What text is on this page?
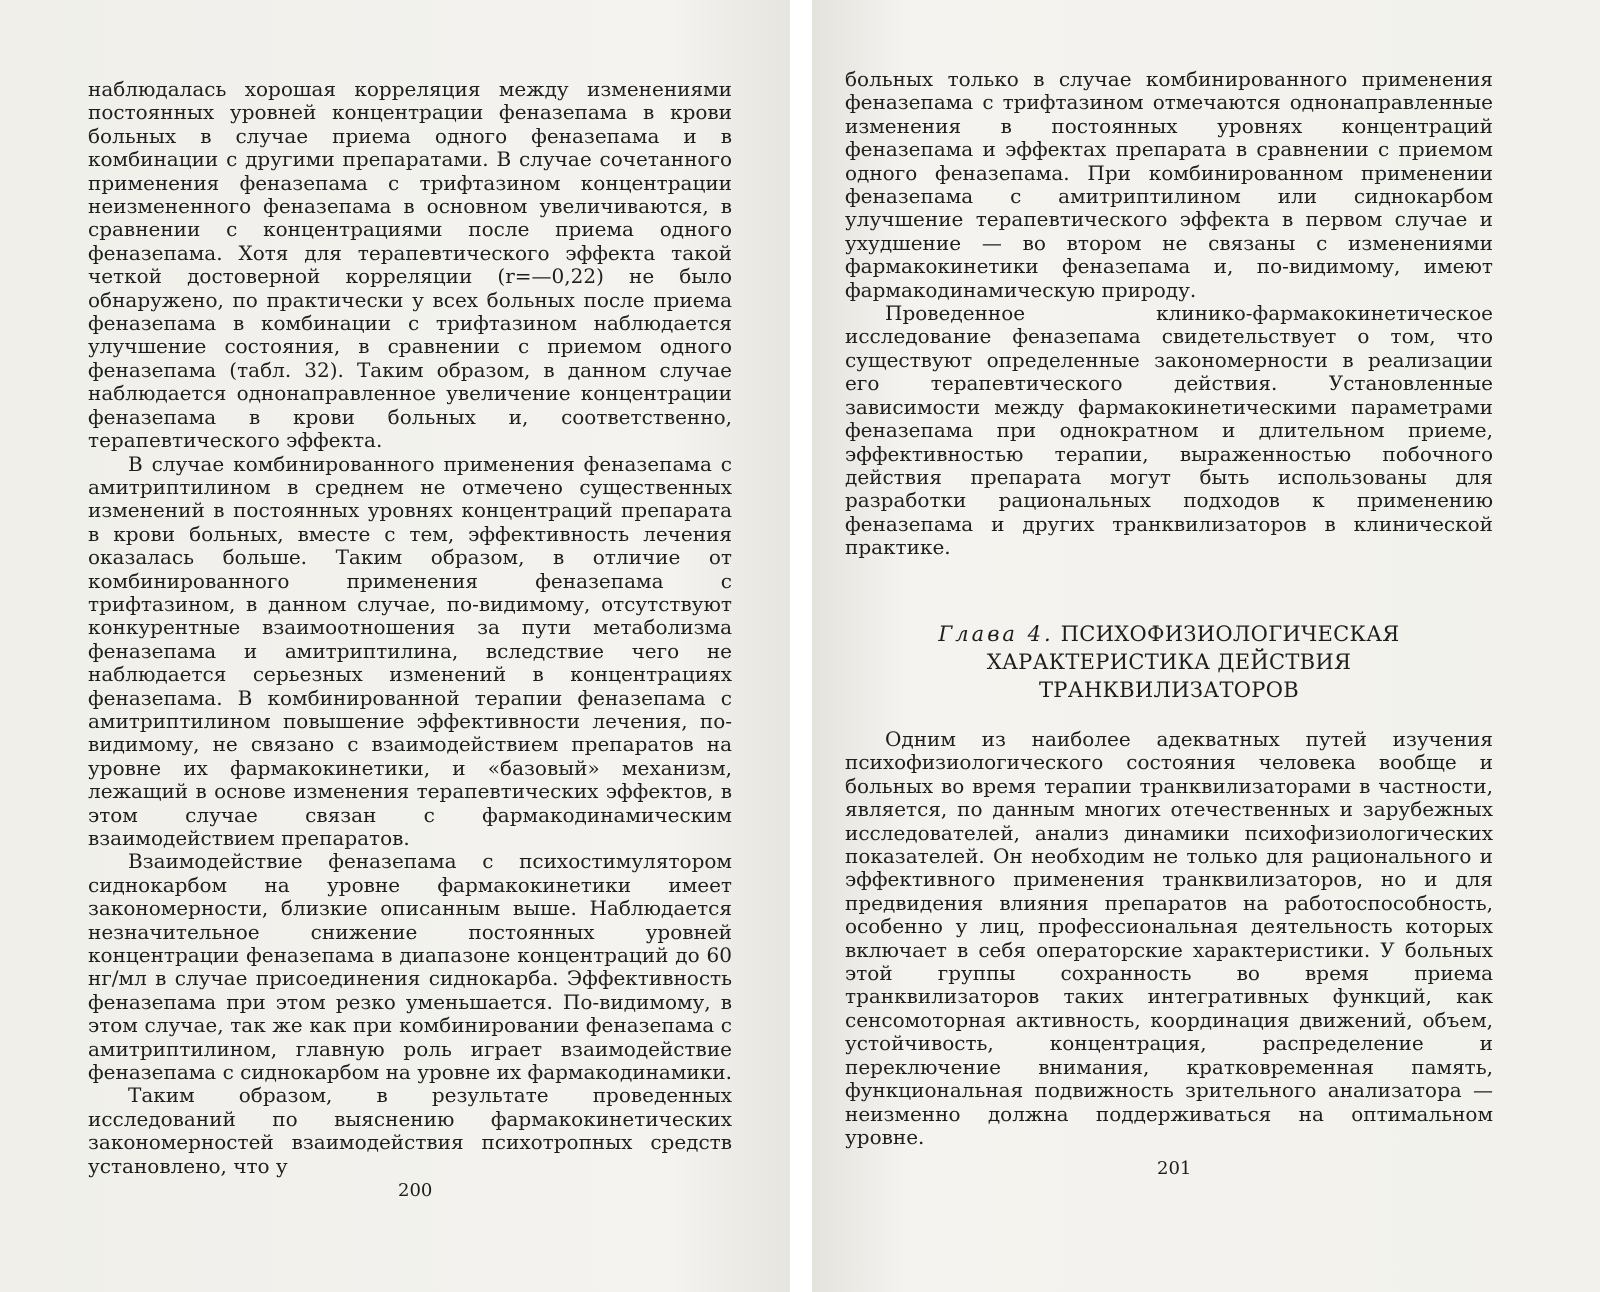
наблюдалась хорошая корреляция между изменениями постоянных уровней концентрации феназепама в крови больных в случае приема одного феназепама и в комбинации с другими препаратами. В случае сочетанного применения феназепама с трифтазином концентрации неизмененного феназепама в основном увеличиваются, в сравнении с концентрациями после приема одного феназепама. Хотя для терапевтического эффекта такой четкой достоверной корреляции (r=—0,22) не было обнаружено, по практически у всех больных после приема феназепама в комбинации с трифтазином наблюдается улучшение состояния, в сравнении с приемом одного феназепама (табл. 32). Таким образом, в данном случае наблюдается однонаправленное увеличение концентрации феназепама в крови больных и, соответственно, терапевтического эффекта.

В случае комбинированного применения феназепама с амитриптилином в среднем не отмечено существенных изменений в постоянных уровнях концентраций препарата в крови больных, вместе с тем, эффективность лечения оказалась больше. Таким образом, в отличие от комбинированного применения феназепама с трифтазином, в данном случае, по-видимому, отсутствуют конкурентные взаимоотношения за пути метаболизма феназепама и амитриптилина, вследствие чего не наблюдается серьезных изменений в концентрациях феназепама. В комбинированной терапии феназепама с амитриптилином повышение эффективности лечения, по-видимому, не связано с взаимодействием препаратов на уровне их фармакокинетики, и «базовый» механизм, лежащий в основе изменения терапевтических эффектов, в этом случае связан с фармакодинамическим взаимодействием препаратов.

Взаимодействие феназепама с психостимулятором сиднокарбом на уровне фармакокинетики имеет закономерности, близкие описанным выше. Наблюдается незначительное снижение постоянных уровней концентрации феназепама в диапазоне концентраций до 60 нг/мл в случае присоединения сиднокарба. Эффективность феназепама при этом резко уменьшается. По-видимому, в этом случае, так же как при комбинировании феназепама с амитриптилином, главную роль играет взаимодействие феназепама с сиднокарбом на уровне их фармакодинамики.

Таким образом, в результате проведенных исследований по выяснению фармакокинетических закономерностей взаимодействия психотропных средств установлено, что у

200

больных только в случае комбинированного применения феназепама с трифтазином отмечаются однонаправленные изменения в постоянных уровнях концентраций феназепама и эффектах препарата в сравнении с приемом одного феназепама. При комбинированном применении феназепама с амитриптилином или сиднокарбом улучшение терапевтического эффекта в первом случае и ухудшение — во втором не связаны с изменениями фармакокинетики феназепама и, по-видимому, имеют фармакодинамическую природу.

Проведенное клинико-фармакокинетическое исследование феназепама свидетельствует о том, что существуют определенные закономерности в реализации его терапевтического действия. Установленные зависимости между фармакокинетическими параметрами феназепама при однократном и длительном приеме, эффективностью терапии, выраженностью побочного действия препарата могут быть использованы для разработки рациональных подходов к применению феназепама и других транквилизаторов в клинической практике.

Глава 4. ПСИХОФИЗИОЛОГИЧЕСКАЯ
ХАРАКТЕРИСТИКА ДЕЙСТВИЯ
ТРАНКВИЛИЗАТОРОВ

Одним из наиболее адекватных путей изучения психофизиологического состояния человека вообще и больных во время терапии транквилизаторами в частности, является, по данным многих отечественных и зарубежных исследователей, анализ динамики психофизиологических показателей. Он необходим не только для рационального и эффективного применения транквилизаторов, но и для предвидения влияния препаратов на работоспособность, особенно у лиц, профессиональная деятельность которых включает в себя операторские характеристики. У больных этой группы сохранность во время приема транквилизаторов таких интегративных функций, как сенсомоторная активность, координация движений, объем, устойчивость, концентрация, распределение и переключение внимания, кратковременная память, функциональная подвижность зрительного анализатора — неизменно должна поддерживаться на оптимальном уровне.

201
